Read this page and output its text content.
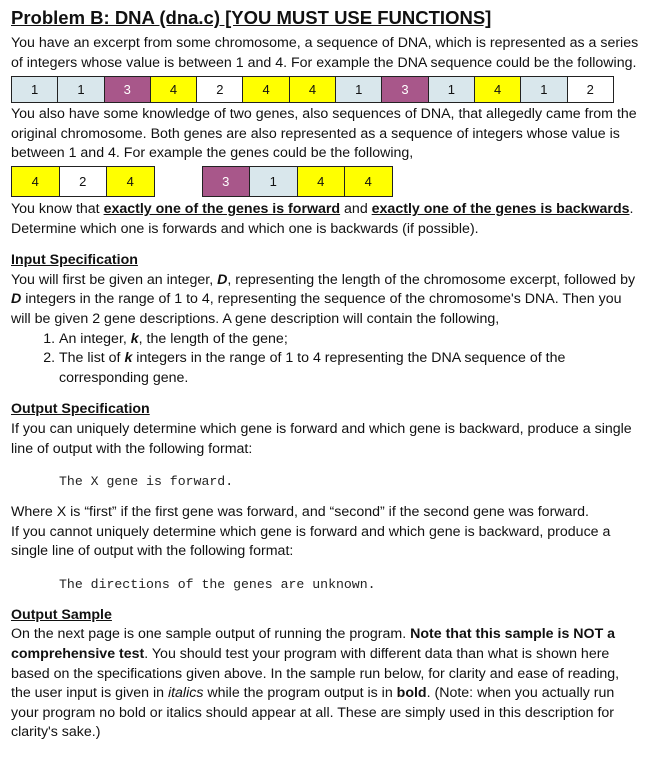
Problem B: DNA (dna.c) [YOU MUST USE FUNCTIONS]

You have an excerpt from some chromosome, a sequence of DNA, which is represented as a series of integers whose value is between 1 and 4. For example the DNA sequence could be the following.

1	1	3	4	2	4	4	1	3	1	4	1	2

You also have some knowledge of two genes, also sequences of DNA, that allegedly came from the original chromosome. Both genes are also represented as a sequence of integers whose value is between 1 and 4. For example the genes could be the following,

4	2	4	3	1	4	4

You know that exactly one of the genes is forward and exactly one of the genes is backwards. Determine which one is forwards and which one is backwards (if possible).

Input Specification

You will first be given an integer, D, representing the length of the chromosome excerpt, followed by D integers in the range of 1 to 4, representing the sequence of the chromosome's DNA. Then you will be given 2 gene descriptions. A gene description will contain the following,

1. An integer, k, the length of the gene;
2. The list of k integers in the range of 1 to 4 representing the DNA sequence of the corresponding gene.

Output Specification

If you can uniquely determine which gene is forward and which gene is backward, produce a single line of output with the following format:

The X gene is forward.

Where X is “first” if the first gene was forward, and “second” if the second gene was forward.

If you cannot uniquely determine which gene is forward and which gene is backward, produce a single line of output with the following format:

The directions of the genes are unknown.

Output Sample

On the next page is one sample output of running the program. Note that this sample is NOT a comprehensive test. You should test your program with different data than what is shown here based on the specifications given above. In the sample run below, for clarity and ease of reading, the user input is given in italics while the program output is in bold. (Note: when you actually run your program no bold or italics should appear at all. These are simply used in this description for clarity's sake.)
